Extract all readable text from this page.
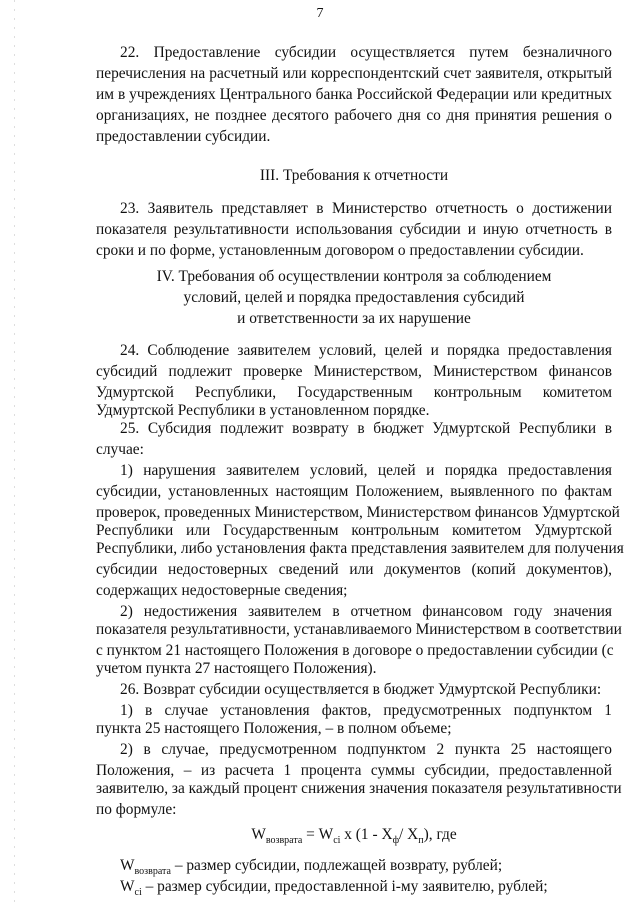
7
22. Предоставление субсидии осуществляется путем безналичного
перечисления на расчетный или корреспондентский счет заявителя, открытый
им в учреждениях Центрального банка Российской Федерации или кредитных
организациях, не позднее десятого рабочего дня со дня принятия решения о
предоставлении субсидии.
III. Требования к отчетности
23. Заявитель представляет в Министерство отчетность о достижении
показателя результативности использования субсидии и иную отчетность в
сроки и по форме, установленным договором о предоставлении субсидии.
IV. Требования об осуществлении контроля за соблюдением
условий, целей и порядка предоставления субсидий
и ответственности за их нарушение
24. Соблюдение заявителем условий, целей и порядка предоставления
субсидий подлежит проверке Министерством, Министерством финансов
Удмуртской Республики, Государственным контрольным комитетом
Удмуртской Республики в установленном порядке.
25. Субсидия подлежит возврату в бюджет Удмуртской Республики в
случае:
1) нарушения заявителем условий, целей и порядка предоставления
субсидии, установленных настоящим Положением, выявленного по фактам
проверок, проведенных Министерством, Министерством финансов Удмуртской
Республики или Государственным контрольным комитетом Удмуртской
Республики, либо установления факта представления заявителем для получения
субсидии недостоверных сведений или документов (копий документов),
содержащих недостоверные сведения;
2) недостижения заявителем в отчетном финансовом году значения
показателя результативности, устанавливаемого Министерством в соответствии
с пунктом 21 настоящего Положения в договоре о предоставлении субсидии (с
учетом пункта 27 настоящего Положения).
26. Возврат субсидии осуществляется в бюджет Удмуртской Республики:
1) в случае установления фактов, предусмотренных подпунктом 1
пункта 25 настоящего Положения, – в полном объеме;
2) в случае, предусмотренном подпунктом 2 пункта 25 настоящего
Положения, – из расчета 1 процента суммы субсидии, предоставленной
заявителю, за каждый процент снижения значения показателя результативности
по формуле:
$W_{возврата} = W_{ci}$ x ($1 - X_ф/$ $X_п$), где
$W_{возврата}$ – размер субсидии, подлежащей возврату, рублей;
$W_{ci}$ – размер субсидии, предоставленной i-му заявителю, рублей;
